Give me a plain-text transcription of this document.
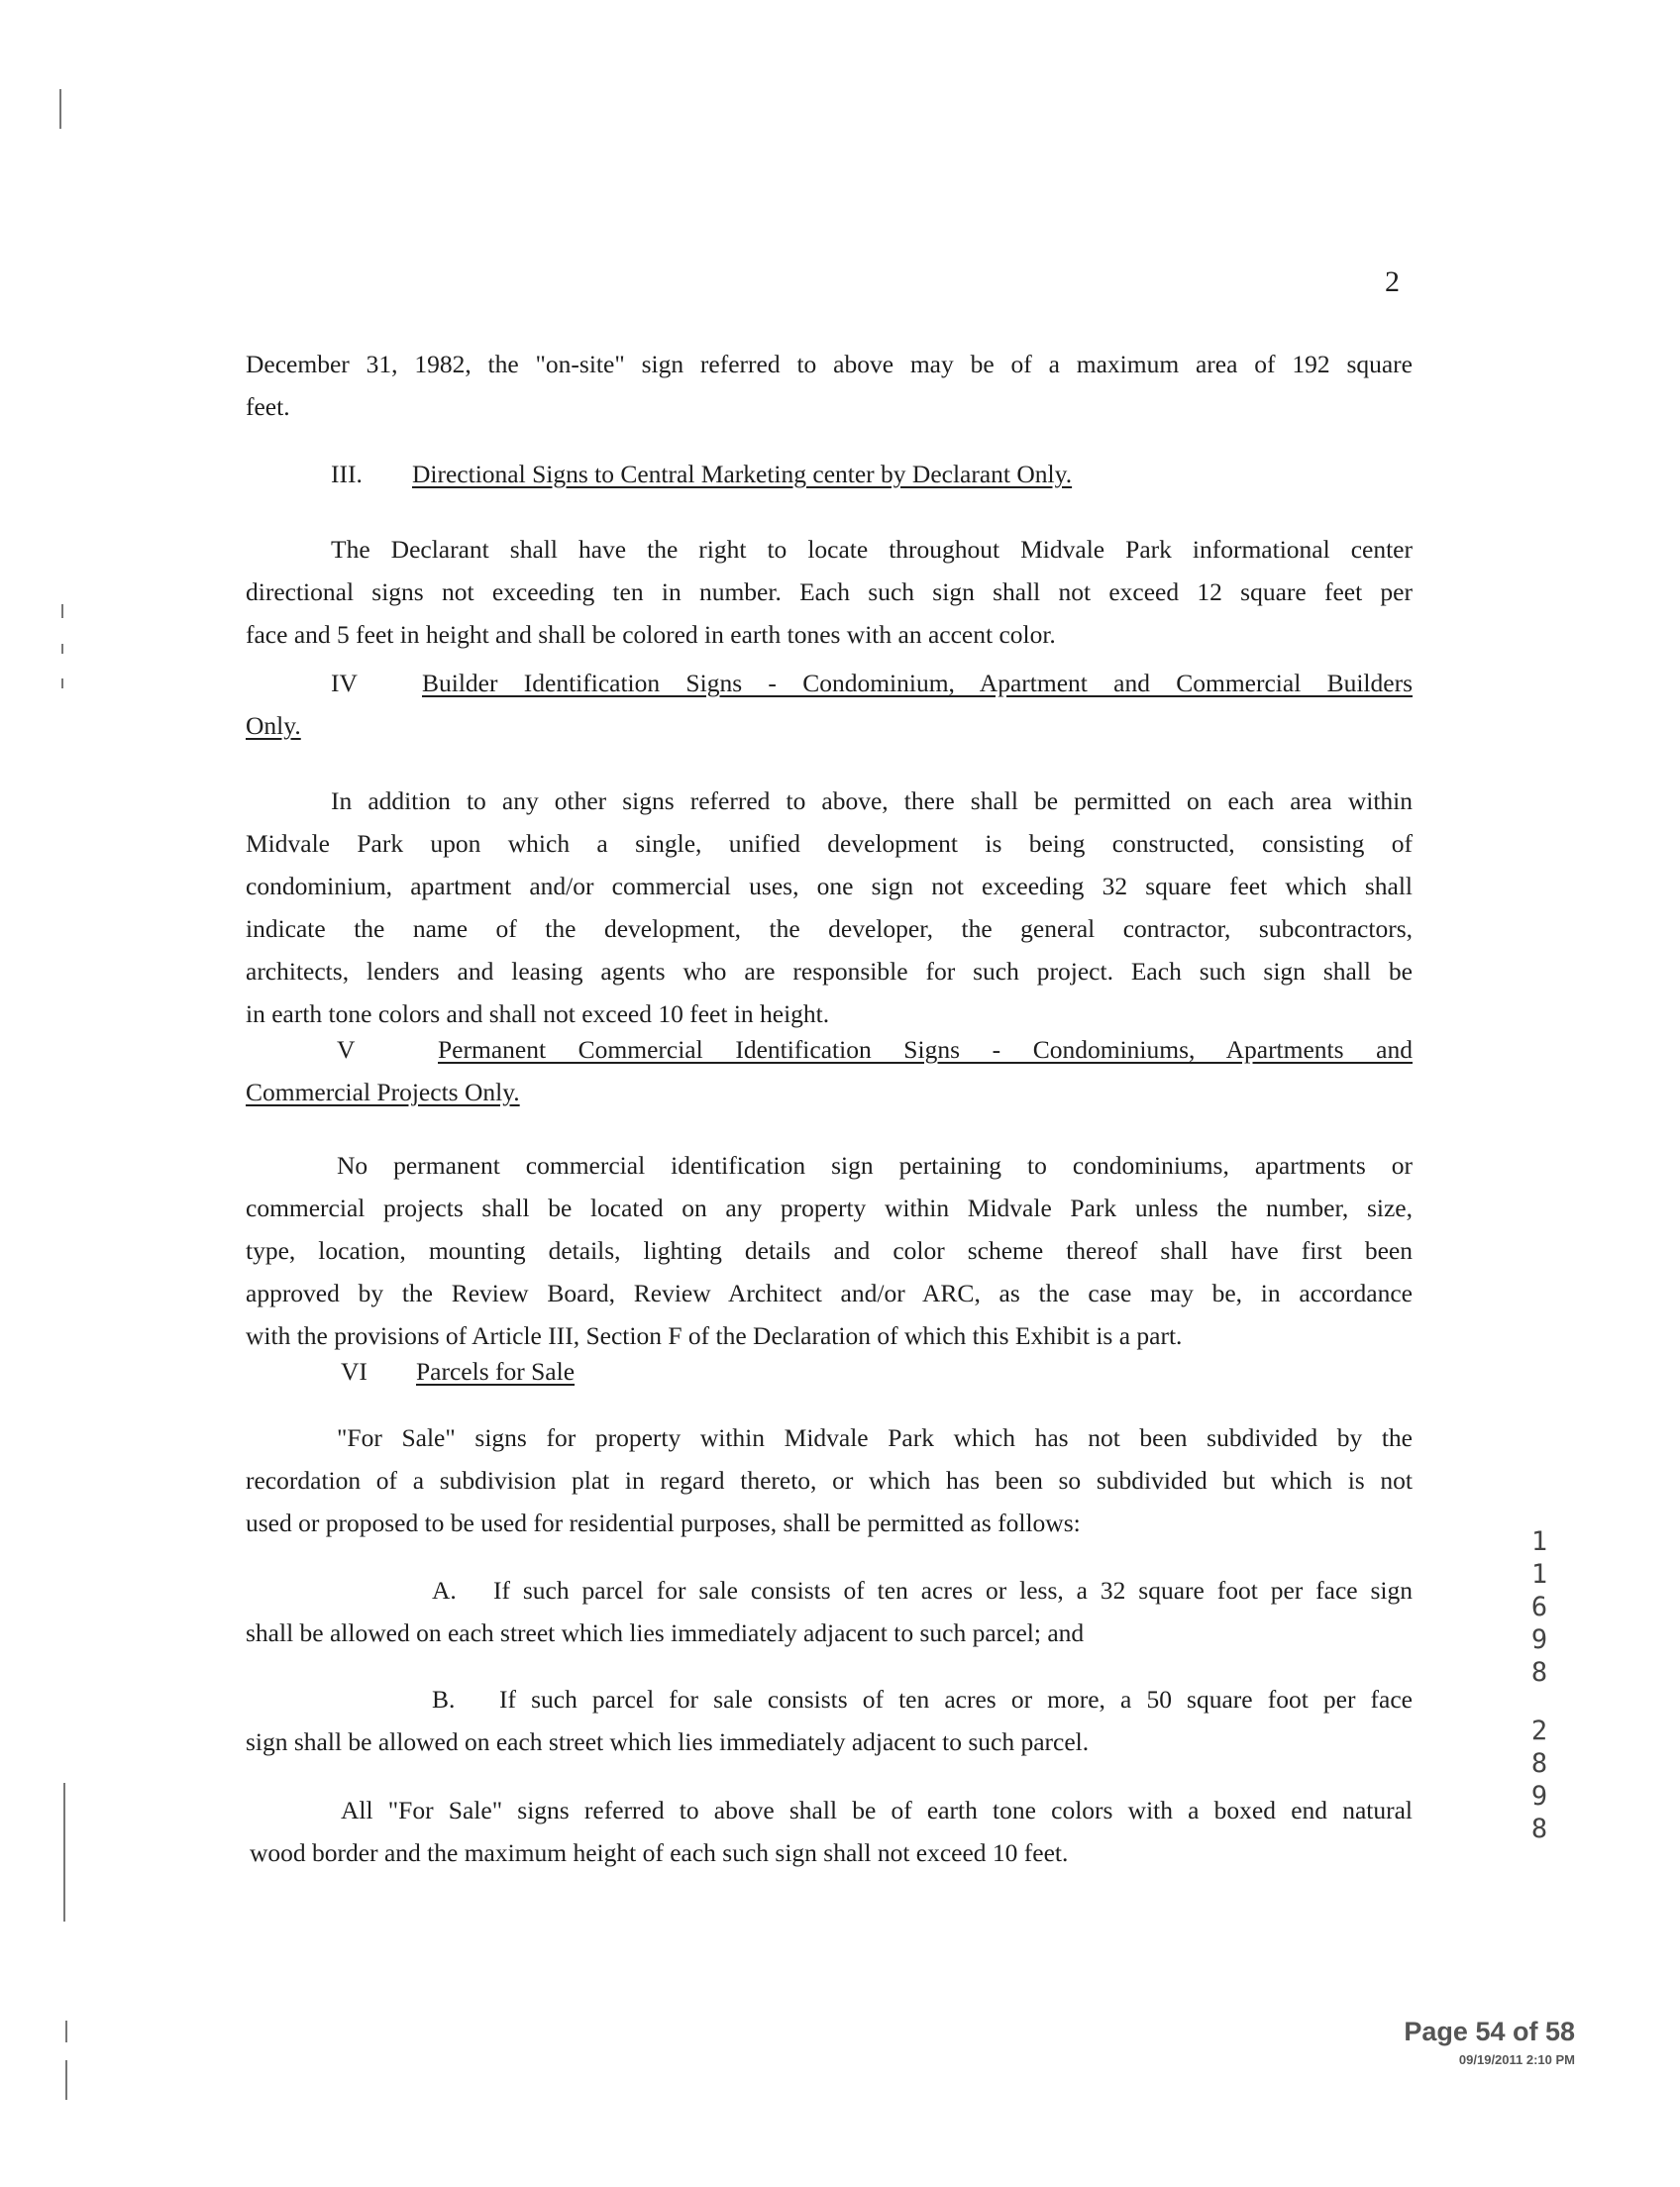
2
December 31, 1982, the "on-site" sign referred to above may be of a maximum area of 192 square
feet.
III. Directional Signs to Central Marketing center by Declarant Only.
The Declarant shall have the right to locate throughout Midvale Park informational center
directional signs not exceeding ten in number. Each such sign shall not exceed 12 square feet per
face and 5 feet in height and shall be colored in earth tones with an accent color.
IV	Builder Identification Signs - Condominium, Apartment and Commercial Builders
Only.
In addition to any other signs referred to above, there shall be permitted on each area within
Midvale Park upon which a single, unified development is being constructed, consisting of
condominium, apartment and/or commercial uses, one sign not exceeding 32 square feet which shall
indicate the name of the development, the developer, the general contractor, subcontractors,
architects, lenders and leasing agents who are responsible for such project. Each such sign shall be
in earth tone colors and shall not exceed 10 feet in height.
V	Permanent Commercial Identification Signs - Condominiums, Apartments and
Commercial Projects Only.
No permanent commercial identification sign pertaining to condominiums, apartments or
commercial projects shall be located on any property within Midvale Park unless the number, size,
type, location, mounting details, lighting details and color scheme thereof shall have first been
approved by the Review Board, Review Architect and/or ARC, as the case may be, in accordance
with the provisions of Article III, Section F of the Declaration of which this Exhibit is a part.
VI Parcels for Sale
"For Sale" signs for property within Midvale Park which has not been subdivided by the
recordation of a subdivision plat in regard thereto, or which has been so subdivided but which is not
used or proposed to be used for residential purposes, shall be permitted as follows:
A.	If such parcel for sale consists of ten acres or less, a 32 square foot per face sign
shall be allowed on each street which lies immediately adjacent to such parcel; and
B.	If such parcel for sale consists of ten acres or more, a 50 square foot per face
sign shall be allowed on each street which lies immediately adjacent to such parcel.
All "For Sale" signs referred to above shall be of earth tone colors with a boxed end natural
wood border and the maximum height of each such sign shall not exceed 10 feet.
1
1
6
9
8
2
8
9
8
Page 54 of 58
09/19/2011 2:10 PM
